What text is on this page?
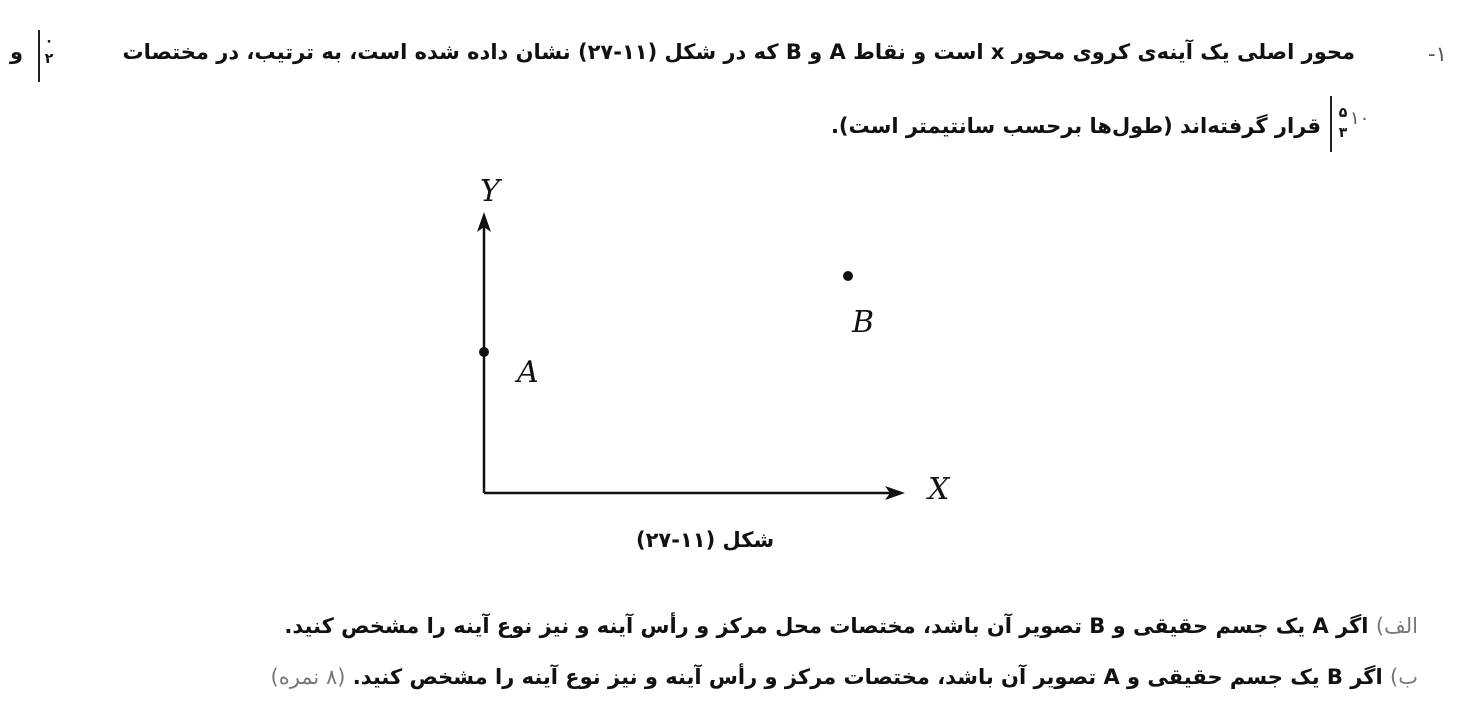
-۱
محور اصلی یک آینه‌ی کروی محور x است و نقاط A و B که در شکل (۱۱-۲۷) نشان داده شده است، به ترتیب، در مختصات
۰
۲
و
۱۰
۵
۳
قرار گرفته‌اند (طول‌ها برحسب سانتیمتر است).
Y
X
A
B
شکل (۱۱-۲۷)
الف) اگر A یک جسم حقیقی و B تصویر آن باشد، مختصات محل مرکز و رأس آینه و نیز نوع آینه را مشخص کنید.
ب) اگر B یک جسم حقیقی و A تصویر آن باشد، مختصات مرکز و رأس آینه و نیز نوع آینه را مشخص کنید. (۸ نمره)
